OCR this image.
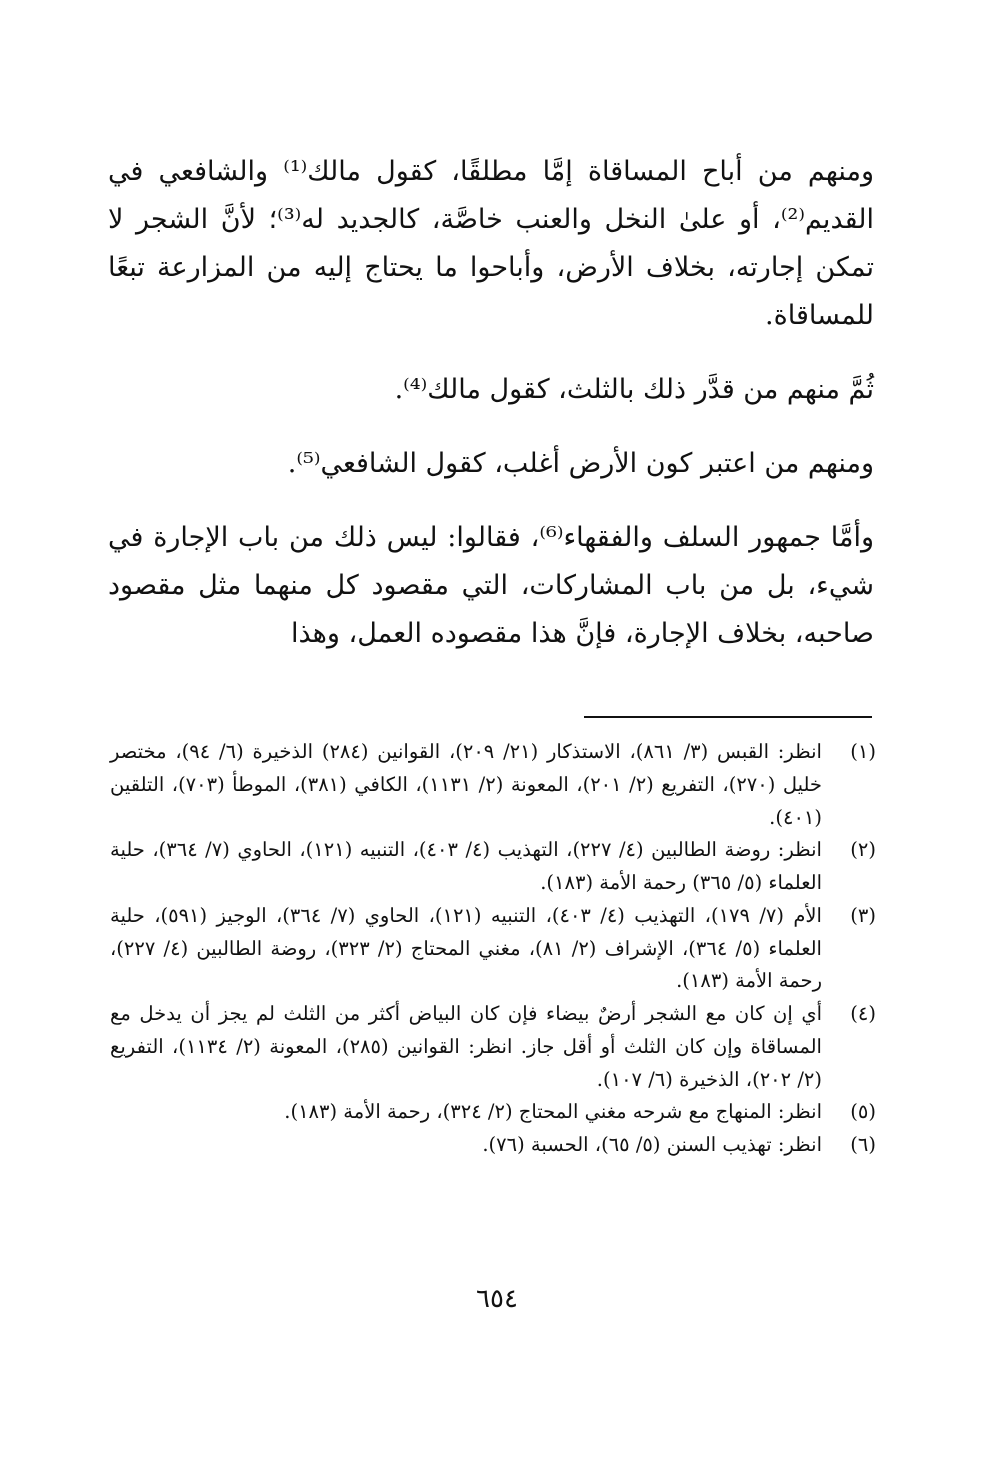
ومنهم من أباح المساقاة إمَّا مطلقًا، كقول مالك⁽¹⁾ والشافعي في القديم⁽²⁾، أو علىٰ النخل والعنب خاصَّة، كالجديد له⁽³⁾؛ لأنَّ الشجر لا تمكن إجارته، بخلاف الأرض، وأباحوا ما يحتاج إليه من المزارعة تبعًا للمساقاة.

ثُمَّ منهم من قدَّر ذلك بالثلث، كقول مالك⁽⁴⁾.

ومنهم من اعتبر كون الأرض أغلب، كقول الشافعي⁽⁵⁾.

وأمَّا جمهور السلف والفقهاء⁽⁶⁾، فقالوا: ليس ذلك من باب الإجارة في شيء، بل من باب المشاركات، التي مقصود كل منهما مثل مقصود صاحبه، بخلاف الإجارة، فإنَّ هذا مقصوده العمل، وهذا

(١)
انظر: القبس (٣/ ٨٦١)، الاستذكار (٢١/ ٢٠٩)، القوانين (٢٨٤) الذخيرة (٦/ ٩٤)، مختصر خليل (٢٧٠)، التفريع (٢/ ٢٠١)، المعونة (٢/ ١١٣١)، الكافي (٣٨١)، الموطأ (٧٠٣)، التلقين (٤٠١).
(٢)
انظر: روضة الطالبين (٤/ ٢٢٧)، التهذيب (٤/ ٤٠٣)، التنبيه (١٢١)، الحاوي (٧/ ٣٦٤)، حلية العلماء (٥/ ٣٦٥) رحمة الأمة (١٨٣).
(٣)
الأم (٧/ ١٧٩)، التهذيب (٤/ ٤٠٣)، التنبيه (١٢١)، الحاوي (٧/ ٣٦٤)، الوجيز (٥٩١)، حلية العلماء (٥/ ٣٦٤)، الإشراف (٢/ ٨١)، مغني المحتاج (٢/ ٣٢٣)، روضة الطالبين (٤/ ٢٢٧)، رحمة الأمة (١٨٣).
(٤)
أي إن كان مع الشجر أرضٌ بيضاء فإن كان البياض أكثر من الثلث لم يجز أن يدخل مع المساقاة وإن كان الثلث أو أقل جاز. انظر: القوانين (٢٨٥)، المعونة (٢/ ١١٣٤)، التفريع (٢/ ٢٠٢)، الذخيرة (٦/ ١٠٧).
(٥)
انظر: المنهاج مع شرحه مغني المحتاج (٢/ ٣٢٤)، رحمة الأمة (١٨٣).
(٦)
انظر: تهذيب السنن (٥/ ٦٥)، الحسبة (٧٦).
٦٥٤
